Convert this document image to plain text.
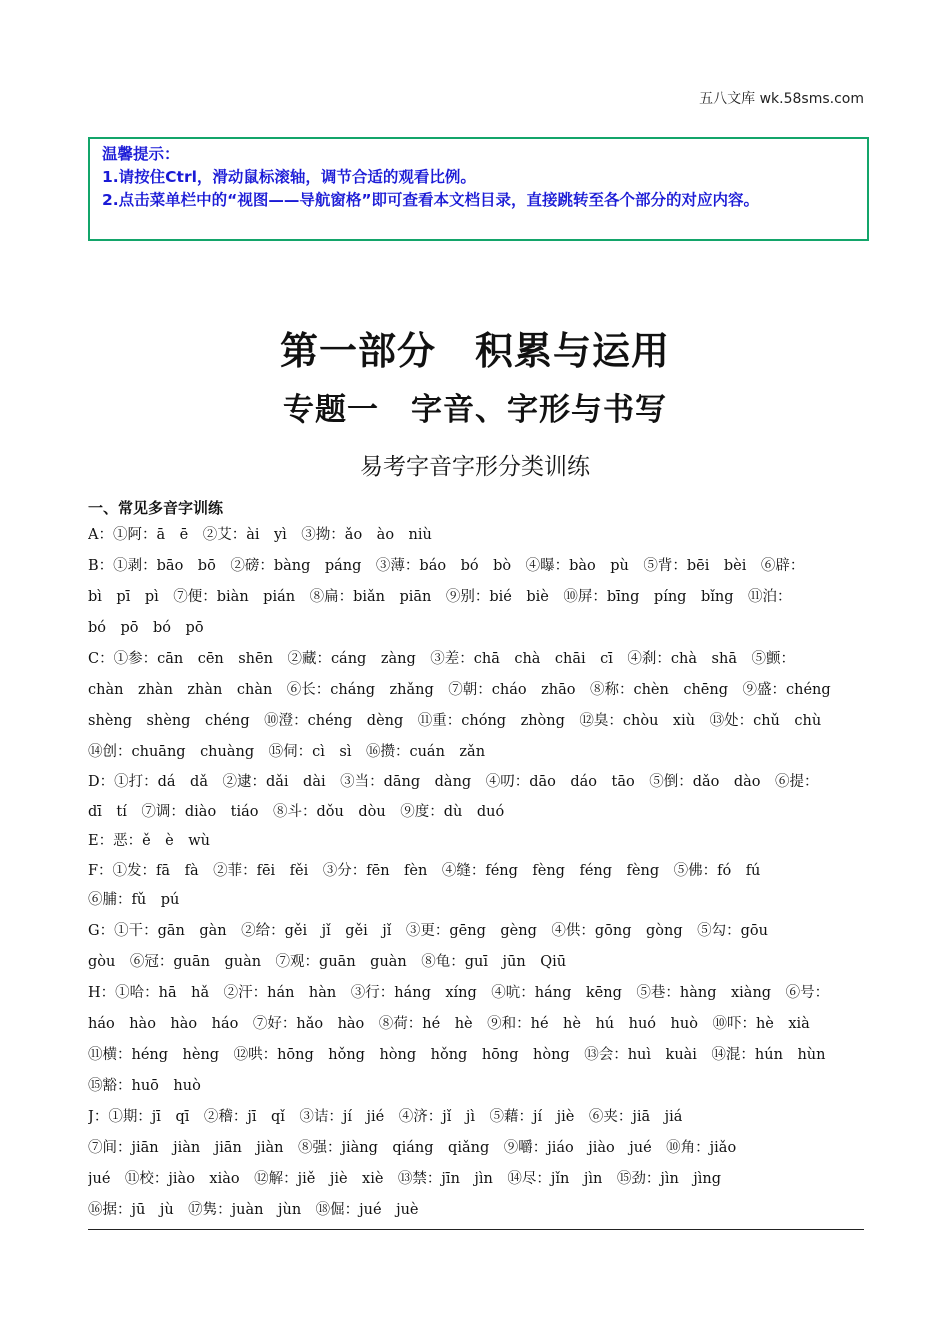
五八文库 wk.58sms.com
温馨提示：
1.请按住Ctrl，滑动鼠标滚轴，调节合适的观看比例。
2.点击菜单栏中的“视图——导航窗格”即可查看本文档目录，直接跳转至各个部分的对应内容。
第一部分　积累与运用
专题一　字音、字形与书写
易考字音字形分类训练
一、常见多音字训练
A：①阿：ā　ē　②艾：ài　yì　③拗：ǎo　ào　niù
B：①剥：bāo　bō　②磅：bàng　páng　③薄：báo　bó　bò　④曝：bào　pù　⑤背：bēi　bèi　⑥辟：
bì　pī　pì　⑦便：biàn　pián　⑧扁：biǎn　piān　⑨别：bié　biè　⑩屏：bīng　píng　bǐng　⑪泊：
bó　pō　bó　pō
C：①参：cān　cēn　shēn　②藏：cáng　zàng　③差：chā　chà　chāi　cī　④刹：chà　shā　⑤颤：
chàn　zhàn　zhàn　chàn　⑥长：cháng　zhǎng　⑦朝：cháo　zhāo　⑧称：chèn　chēng　⑨盛：chéng
shèng　shèng　chéng　⑩澄：chéng　dèng　⑪重：chóng　zhòng　⑫臭：chòu　xiù　⑬处：chǔ　chù
⑭创：chuāng　chuàng　⑮伺：cì　sì　⑯攒：cuán　zǎn
D：①打：dá　dǎ　②逮：dǎi　dài　③当：dāng　dàng　④叨：dāo　dáo　tāo　⑤倒：dǎo　dào　⑥提：
dī　tí　⑦调：diào　tiáo　⑧斗：dǒu　dòu　⑨度：dù　duó
E：恶：ě　è　wù
F：①发：fā　fà　②菲：fēi　fěi　③分：fēn　fèn　④缝：féng　fèng　féng　fèng　⑤佛：fó　fú
⑥脯：fǔ　pú
G：①干：gān　gàn　②给：gěi　jǐ　gěi　jǐ　③更：gēng　gèng　④供：gōng　gòng　⑤勾：gōu
gòu　⑥冠：guān　guàn　⑦观：guān　guàn　⑧龟：guī　jūn　Qiū
H：①哈：hā　hǎ　②汗：hán　hàn　③行：háng　xíng　④吭：háng　kēng　⑤巷：hàng　xiàng　⑥号：
háo　hào　hào　háo　⑦好：hǎo　hào　⑧荷：hé　hè　⑨和：hé　hè　hú　huó　huò　⑩吓：hè　xià
⑪横：héng　hèng　⑫哄：hōng　hǒng　hòng　hǒng　hōng　hòng　⑬会：huì　kuài　⑭混：hún　hùn
⑮豁：huō　huò
J：①期：jī　qī　②稽：jī　qǐ　③诘：jí　jié　④济：jǐ　jì　⑤藉：jí　jiè　⑥夹：jiā　jiá
⑦间：jiān　jiàn　jiān　jiàn　⑧强：jiàng　qiáng　qiǎng　⑨嚼：jiáo　jiào　jué　⑩角：jiǎo
jué　⑪校：jiào　xiào　⑫解：jiě　jiè　xiè　⑬禁：jīn　jìn　⑭尽：jǐn　jìn　⑮劲：jìn　jìng
⑯据：jū　jù　⑰隽：juàn　jùn　⑱倔：jué　juè
